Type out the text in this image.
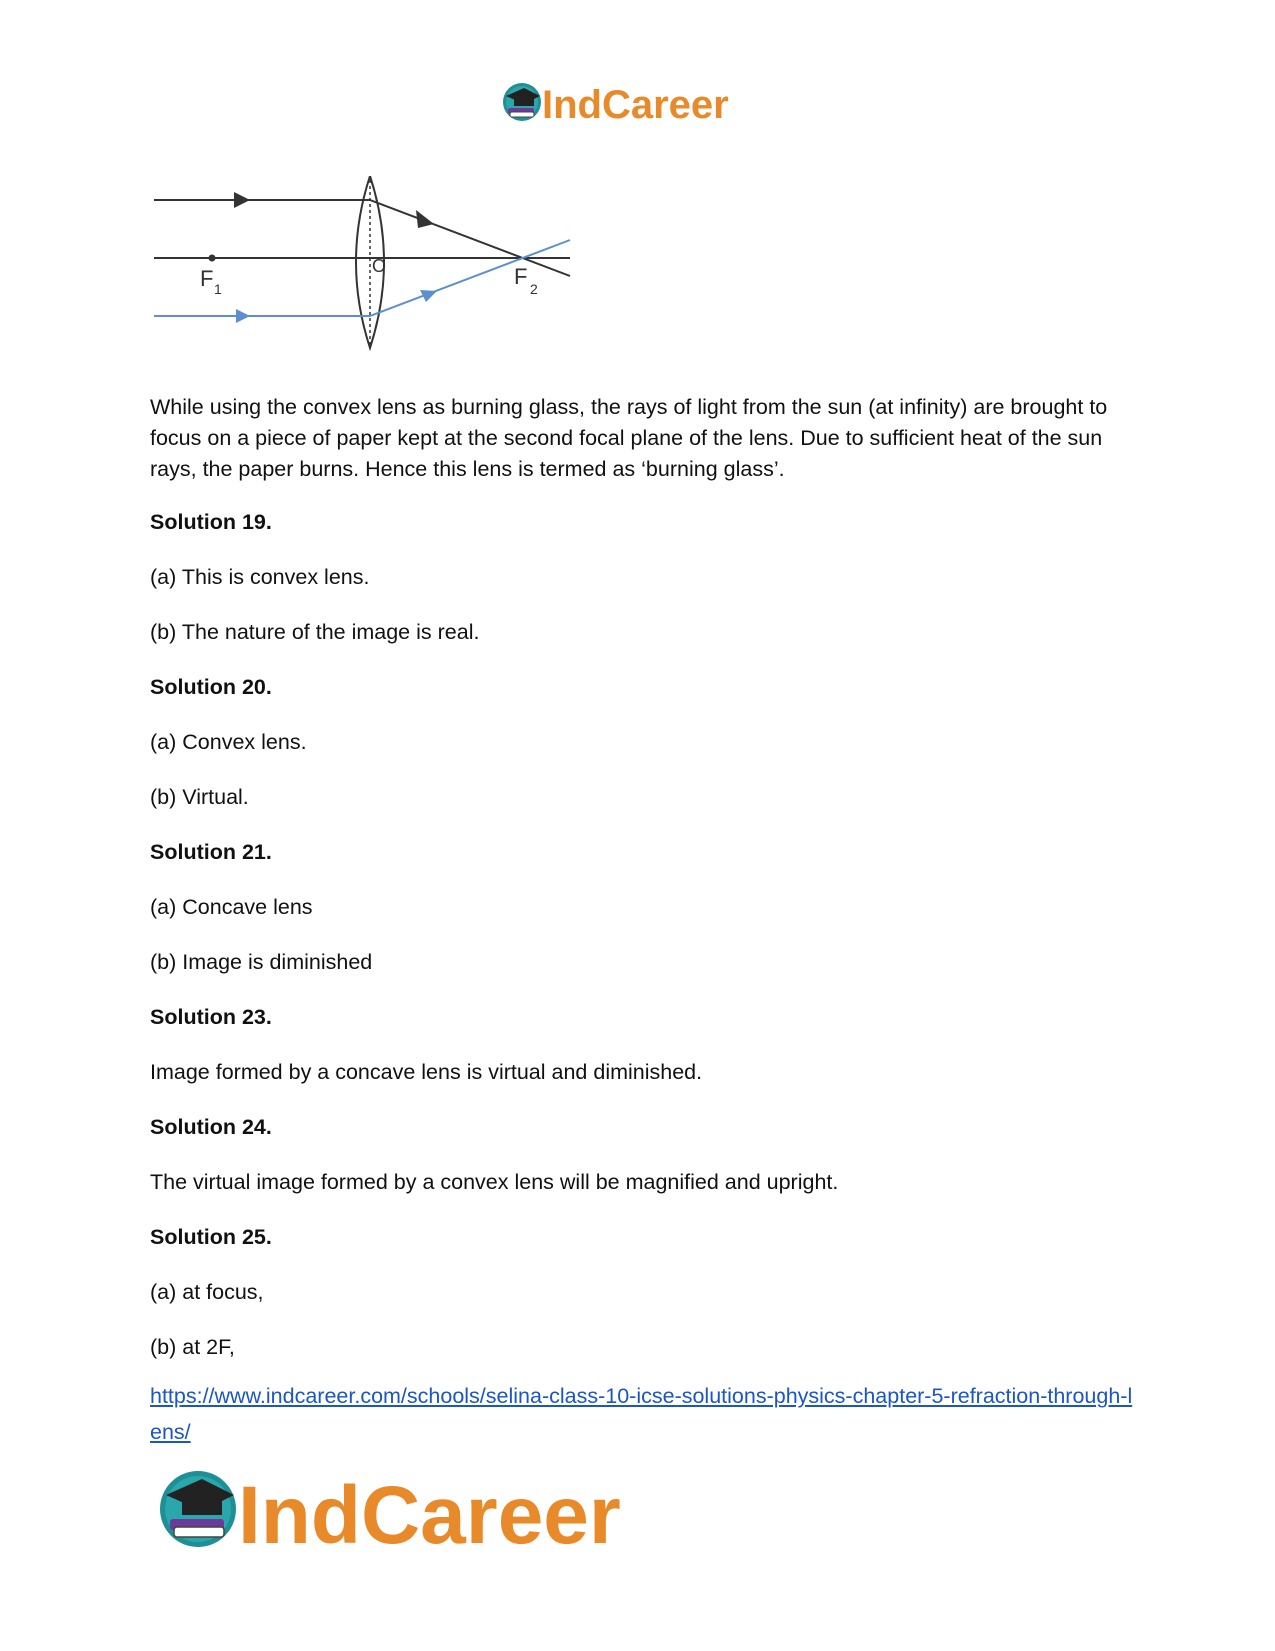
IndCareer
F 1
O	F 2

While using the convex lens as burning glass, the rays of light from the sun (at infinity) are brought to focus on a piece of paper kept at the second focal plane of the lens. Due to sufficient heat of the sun rays, the paper burns. Hence this lens is termed as ‘burning glass’.

Solution 19.

(a) This is convex lens.

(b) The nature of the image is real.

Solution 20.

(a) Convex lens.

(b) Virtual.

Solution 21.

(a) Concave lens

(b) Image is diminished

Solution 23.

Image formed by a concave lens is virtual and diminished.

Solution 24.

The virtual image formed by a convex lens will be magnified and upright.

Solution 25.

(a) at focus,

(b) at 2F,

https://www.indcareer.com/schools/selina-class-10-icse-solutions-physics-chapter-5-refraction-through-lens/
IndCareer
